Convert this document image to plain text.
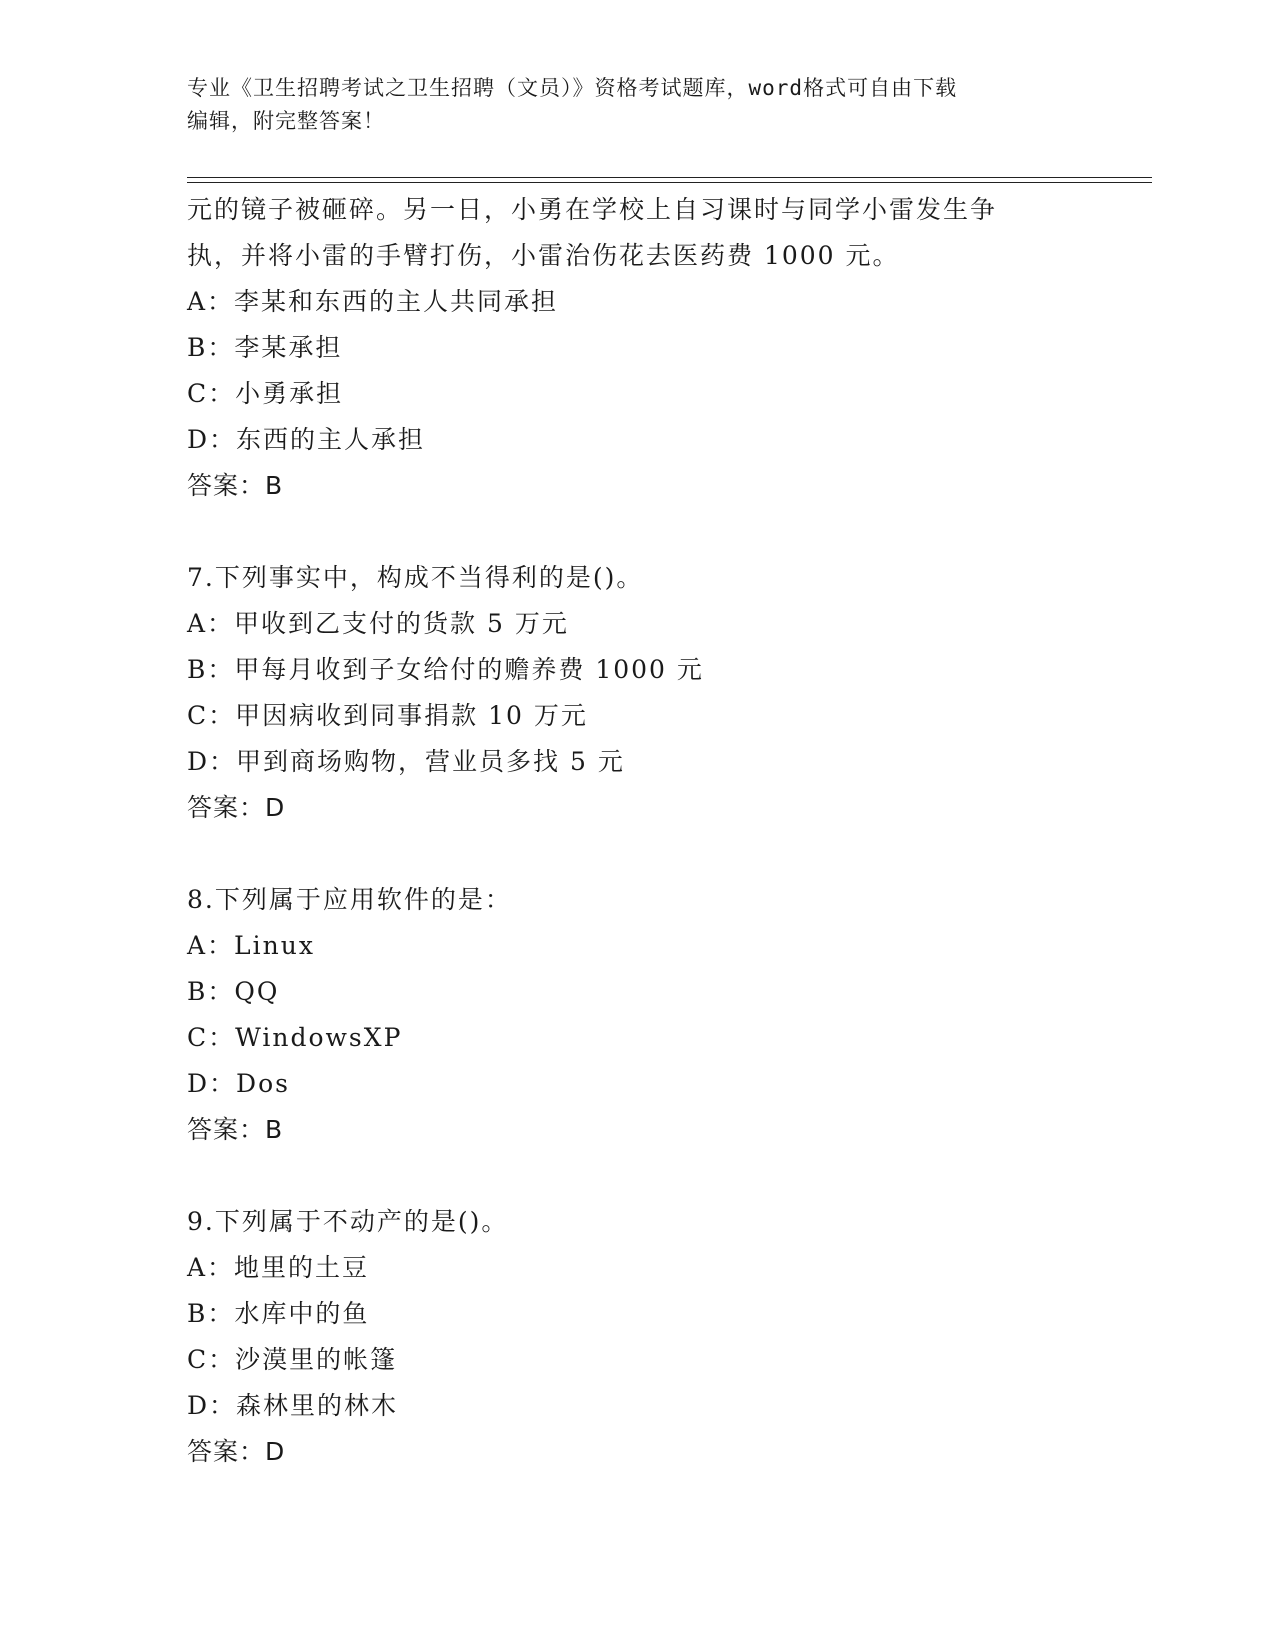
专业《卫生招聘考试之卫生招聘（文员）》资格考试题库，word格式可自由下载
编辑，附完整答案！
元的镜子被砸碎。另一日，小勇在学校上自习课时与同学小雷发生争
执，并将小雷的手臂打伤，小雷治伤花去医药费 1000 元。
A：李某和东西的主人共同承担
B：李某承担
C：小勇承担
D：东西的主人承担
答案：B
7.下列事实中，构成不当得利的是()。
A：甲收到乙支付的货款 5 万元
B：甲每月收到子女给付的赡养费 1000 元
C：甲因病收到同事捐款 10 万元
D：甲到商场购物，营业员多找 5 元
答案：D
8.下列属于应用软件的是：
A：Linux
B：QQ
C：WindowsXP
D：Dos
答案：B
9.下列属于不动产的是()。
A：地里的土豆
B：水库中的鱼
C：沙漠里的帐篷
D：森林里的林木
答案：D
